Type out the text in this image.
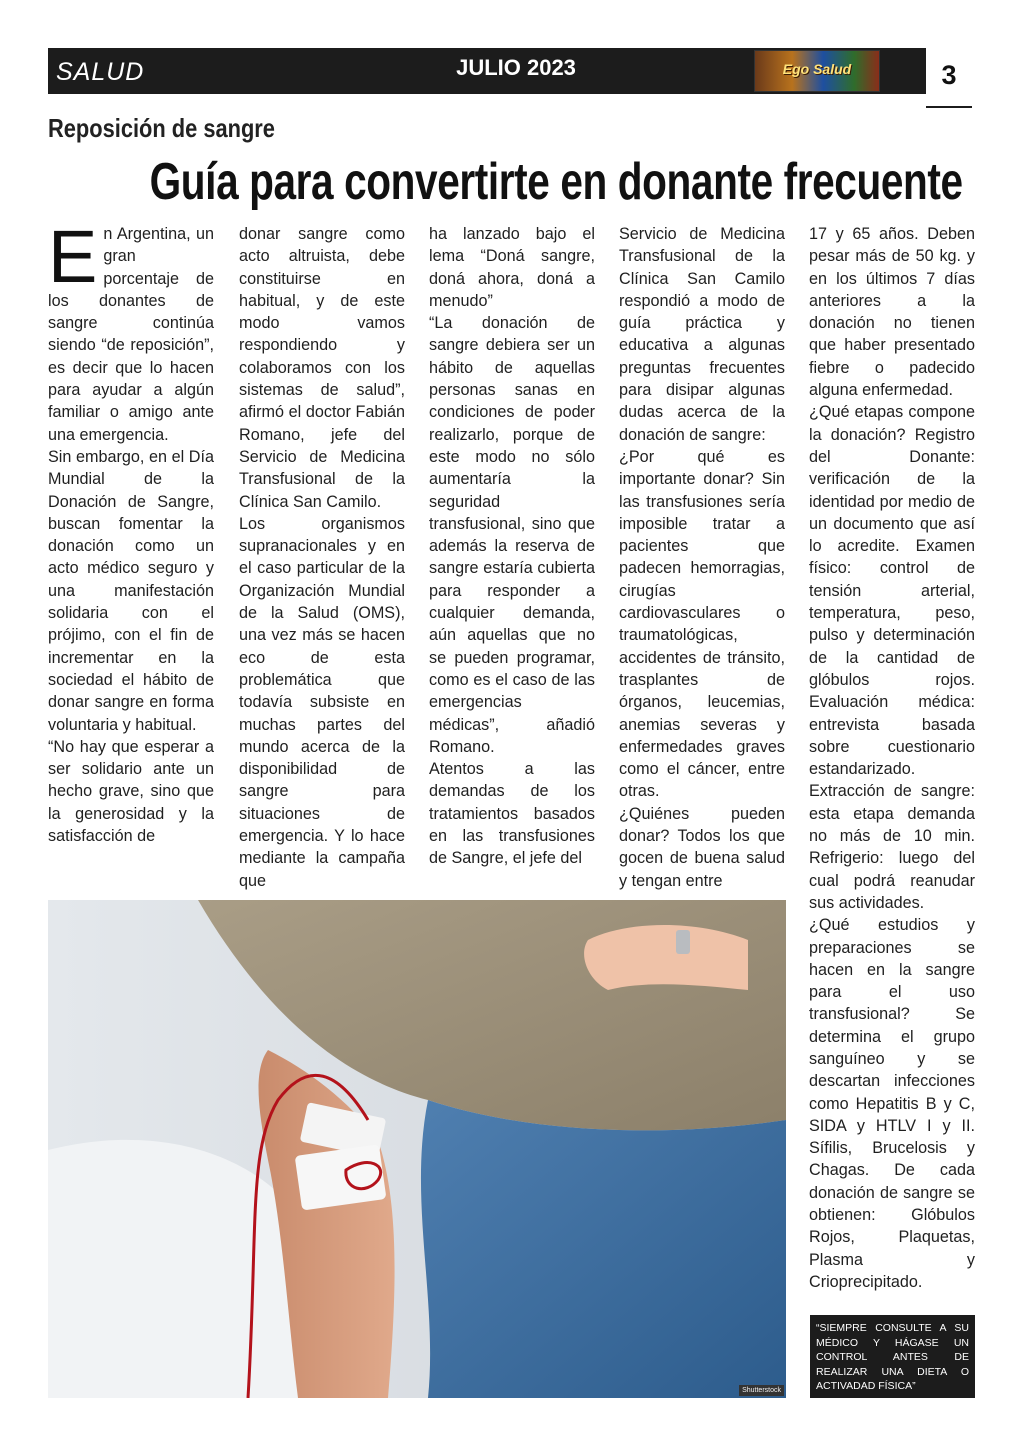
SALUD	JULIO 2023	Ego Salud	3
Reposición de sangre
Guía para convertirte en donante frecuente

En Argentina, un gran porcentaje de los donantes de sangre continúa siendo “de reposición”, es decir que lo hacen para ayudar a algún familiar o amigo ante una emergencia.

Sin embargo, en el Día Mundial de la Donación de Sangre, buscan fomentar la donación como un acto médico seguro y una manifestación solidaria con el prójimo, con el fin de incrementar en la sociedad el hábito de donar sangre en forma voluntaria y habitual.

“No hay que esperar a ser solidario ante un hecho grave, sino que la generosidad y la satisfacción de

donar sangre como acto altruista, debe constituirse en habitual, y de este modo vamos respondiendo y colaboramos con los sistemas de salud”, afirmó el doctor Fabián Romano, jefe del Servicio de Medicina Transfusional de la Clínica San Camilo.

Los organismos supranacionales y en el caso particular de la Organización Mundial de la Salud (OMS), una vez más se hacen eco de esta problemática que todavía subsiste en muchas partes del mundo acerca de la disponibilidad de sangre para situaciones de emergencia. Y lo hace mediante la campaña que

ha lanzado bajo el lema “Doná sangre, doná ahora, doná a menudo”

“La donación de sangre debiera ser un hábito de aquellas personas sanas en condiciones de poder realizarlo, porque de este modo no sólo aumentaría la seguridad transfusional, sino que además la reserva de sangre estaría cubierta para responder a cualquier demanda, aún aquellas que no se pueden programar, como es el caso de las emergencias médicas”, añadió Romano.

Atentos a las demandas de los tratamientos basados en las transfusiones de Sangre, el jefe del

Servicio de Medicina Transfusional de la Clínica San Camilo respondió a modo de guía práctica y educativa a algunas preguntas frecuentes para disipar algunas dudas acerca de la donación de sangre:

¿Por qué es importante donar? Sin las transfusiones sería imposible tratar a pacientes que padecen hemorragias, cirugías cardiovasculares o traumatológicas, accidentes de tránsito, trasplantes de órganos, leucemias, anemias severas y enfermedades graves como el cáncer, entre otras.

¿Quiénes pueden donar? Todos los que gocen de buena salud y tengan entre

17 y 65 años. Deben pesar más de 50 kg. y en los últimos 7 días anteriores a la donación no tienen que haber presentado fiebre o padecido alguna enfermedad.

¿Qué etapas compone la donación? Registro del Donante: verificación de la identidad por medio de un documento que así lo acredite. Examen físico: control de tensión arterial, temperatura, peso, pulso y determinación de la cantidad de glóbulos rojos. Evaluación médica: entrevista basada sobre cuestionario estandarizado. Extracción de sangre: esta etapa demanda no más de 10 min. Refrigerio: luego del cual podrá reanudar sus actividades.

¿Qué estudios y preparaciones se hacen en la sangre para el uso transfusional? Se determina el grupo sanguíneo y se descartan infecciones como Hepatitis B y C, SIDA y HTLV I y II. Sífilis, Brucelosis y Chagas. De cada donación de sangre se obtienen: Glóbulos Rojos, Plaquetas, Plasma y Crioprecipitado.

Shutterstock
“SIEMPRE CONSULTE A SU MÉDICO Y HÁGASE UN CONTROL ANTES DE REALIZAR UNA DIETA O ACTIVADAD FÍSICA”
